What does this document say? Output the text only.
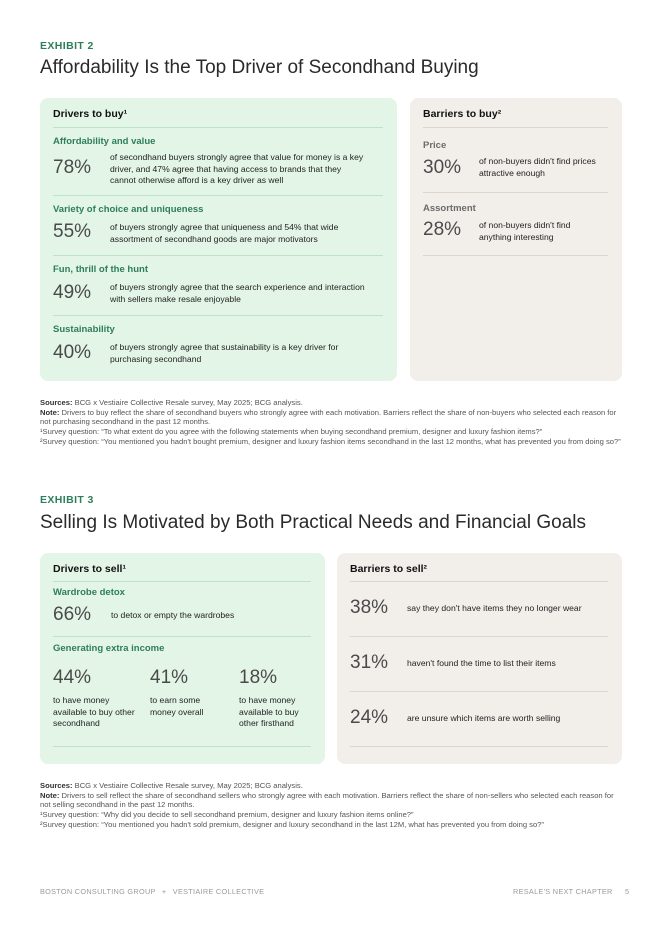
EXHIBIT 2
Affordability Is the Top Driver of Secondhand Buying
Drivers to buy¹
Affordability and value
78% of secondhand buyers strongly agree that value for money is a key driver, and 47% agree that having access to brands that they cannot otherwise afford is a key driver as well
Variety of choice and uniqueness
55% of buyers strongly agree that uniqueness and 54% that wide assortment of secondhand goods are major motivators
Fun, thrill of the hunt
49% of buyers strongly agree that the search experience and interaction with sellers make resale enjoyable
Sustainability
40% of buyers strongly agree that sustainability is a key driver for purchasing secondhand
Barriers to buy²
Price
30% of non-buyers didn't find prices attractive enough
Assortment
28% of non-buyers didn't find anything interesting
Sources: BCG x Vestiaire Collective Resale survey, May 2025; BCG analysis.
Note: Drivers to buy reflect the share of secondhand buyers who strongly agree with each motivation. Barriers reflect the share of non-buyers who selected each reason for not purchasing secondhand in the past 12 months.
¹Survey question: “To what extent do you agree with the following statements when buying secondhand premium, designer and luxury fashion items?”
²Survey question: “You mentioned you hadn't bought premium, designer and luxury fashion items secondhand in the last 12 months, what has prevented you from doing so?”
EXHIBIT 3
Selling Is Motivated by Both Practical Needs and Financial Goals
Drivers to sell¹
Wardrobe detox
66% to detox or empty the wardrobes
Generating extra income
44%
to have money available to buy other secondhand
41%
to earn some money overall
18%
to have money available to buy other firsthand
Barriers to sell²
38% say they don't have items they no longer wear
31% haven't found the time to list their items
24% are unsure which items are worth selling
Sources: BCG x Vestiaire Collective Resale survey, May 2025; BCG analysis.
Note: Drivers to sell reflect the share of secondhand sellers who strongly agree with each motivation. Barriers reflect the share of non-sellers who selected each reason for not selling secondhand in the past 12 months.
¹Survey question: “Why did you decide to sell secondhand premium, designer and luxury fashion items online?”
²Survey question: “You mentioned you hadn't sold premium, designer and luxury secondhand in the last 12M, what has prevented you from doing so?”
BOSTON CONSULTING GROUP + VESTIAIRE COLLECTIVE	RESALE'S NEXT CHAPTER 5
